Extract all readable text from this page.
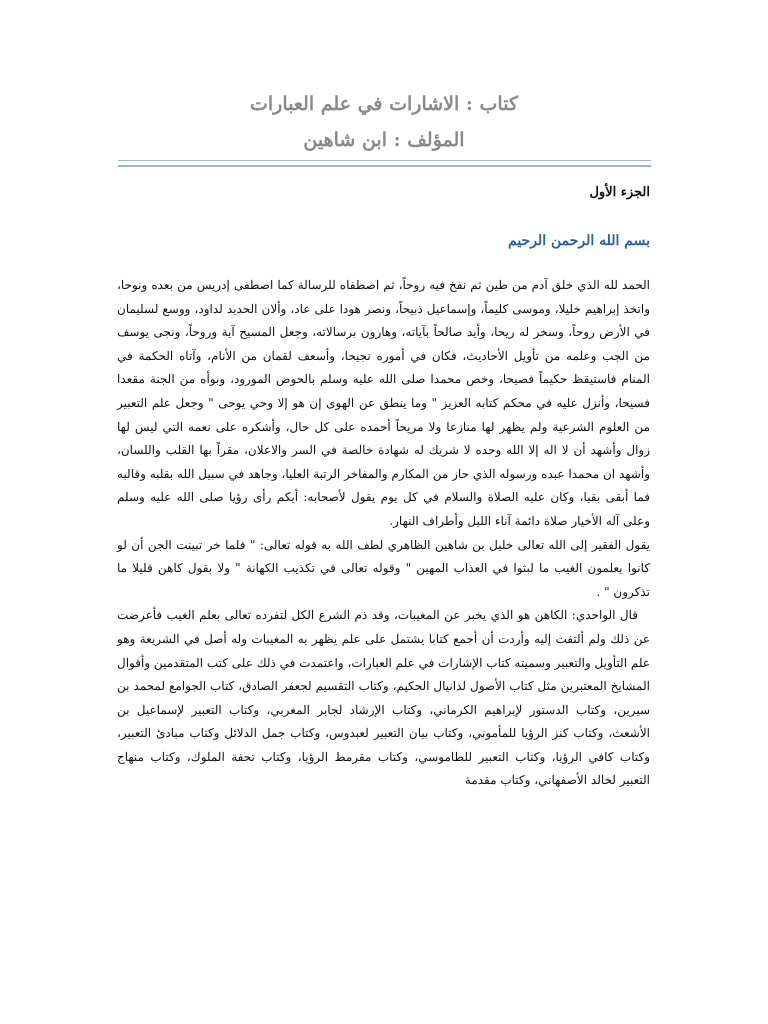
كتاب : الاشارات في علم العبارات
المؤلف : ابن شاهين
الجزء الأول
بسم الله الرحمن الرحيم

الحمد لله الذي خلق آدم من طين ثم نفخ فيه روحاً، ثم اصطفاه للرسالة كما اصطفى إدريس من بعده ونوحا، واتخذ إبراهيم خليلا، وموسى كليماً، وإسماعيل ذبيحاً، ونصر هودا على عاد، وألان الحديد لداود، ووسع لسليمان في الأرض روحاً، وسخر له ريحا، وأيد صالحاً بآياته، وهارون برسالاته، وجعل المسيح آية وروحاً، ونجى يوسف من الجب وعلمه من تأويل الأحاديث، فكان في أموره نجيحا، وأسعف لقمان من الأنام، وآتاه الحكمة في المنام فاستيقظ حكيماً فصيحا، وخص محمدا صلى الله عليه وسلم بالحوض المورود، وبوأه من الجنة مقعدا فسيحا، وأنزل عليه في محكم كتابه العزيز " وما ينطق عن الهوى إن هو إلا وحي يوحى " وجعل علم التعبير من العلوم الشرعية ولم يظهر لها منازعا ولا مريحاً أحمده على كل حال، وأشكره على نعمه التي ليس لها زوال وأشهد أن لا اله إلا الله وحده لا شريك له شهادة خالصة في السر والاعلان، مقراً بها القلب واللسان، وأشهد ان محمدا عبده ورسوله الذي حاز من المكارم والمفاخر الرتبة العليا، وجاهد في سبيل الله بقلبه وقالبه فما أبقى بقيا، وكان عليه الصلاة والسلام في كل يوم يقول لأصحابه: أيكم رأى رؤيا صلى الله عليه وسلم وعلى آله الأخيار صلاة دائمة آناء الليل وأطراف النهار.

يقول الفقير إلى الله تعالى خليل بن شاهين الظاهري لطف الله به قوله تعالى: " فلما خر تبينت الجن أن لو كانوا يعلمون الغيب ما لبثوا في العذاب المهين " وقوله تعالى في تكذيب الكهانة " ولا بقول كاهن قليلا ما تذكرون " .

قال الواحدي: الكاهن هو الذي يخبر عن المغيبات، وقد ذم الشرع الكل لتفرده تعالى بعلم الغيب فأعرضت عن ذلك ولم ألتفت إليه وأردت أن أجمع كتابا يشتمل على علم يظهر به المغيبات وله أصل في الشريعة وهو علم التأويل والتعبير وسميته كتاب الإشارات في علم العبارات، واعتمدت في ذلك على كتب المتقدمين وأقوال المشايخ المعتبرين مثل كتاب الأصول لدانيال الحكيم، وكتاب التقسيم لجعفر الصادق، كتاب الجوامع لمحمد بن سيرين، وكتاب الدستور لإبراهيم الكرماني، وكتاب الإرشاد لجابر المغربي، وكتاب التعبير لإسماعيل بن الأشعث، وكتاب كنز الرؤيا للمأموني، وكتاب بيان التعبير لعبدوس، وكتاب جمل الدلائل وكتاب مبادئ التعبير، وكتاب كافي الرؤيا، وكتاب التعبير للطاموسي، وكتاب مقرمط الرؤيا، وكتاب تحفة الملوك، وكتاب منهاج التعبير لخالد الأصفهاني، وكتاب مقدمة
